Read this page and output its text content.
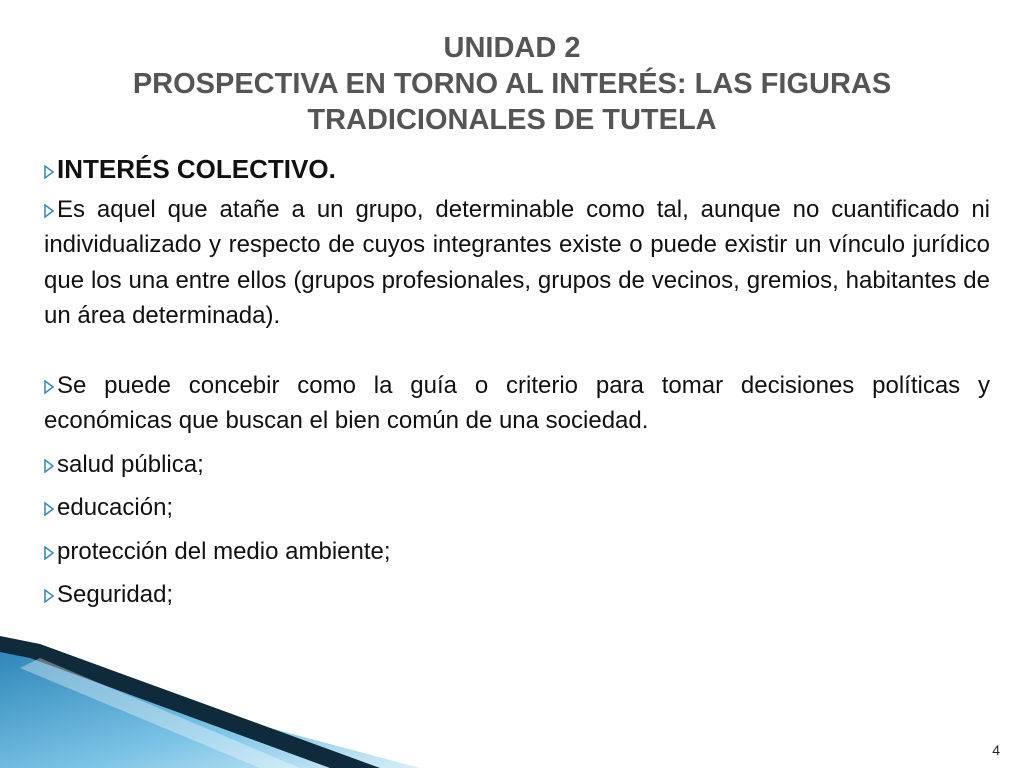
UNIDAD 2
PROSPECTIVA EN TORNO AL INTERÉS: LAS FIGURAS
TRADICIONALES DE TUTELA
INTERÉS COLECTIVO.
Es aquel que atañe a un grupo, determinable como tal, aunque no cuantificado ni individualizado y respecto de cuyos integrantes existe o puede existir un vínculo jurídico que los una entre ellos (grupos profesionales, grupos de vecinos, gremios, habitantes de un área determinada).
Se puede concebir como la guía o criterio para tomar decisiones políticas y económicas que buscan el bien común de una sociedad.
salud pública;
educación;
protección del medio ambiente;
Seguridad;
4
